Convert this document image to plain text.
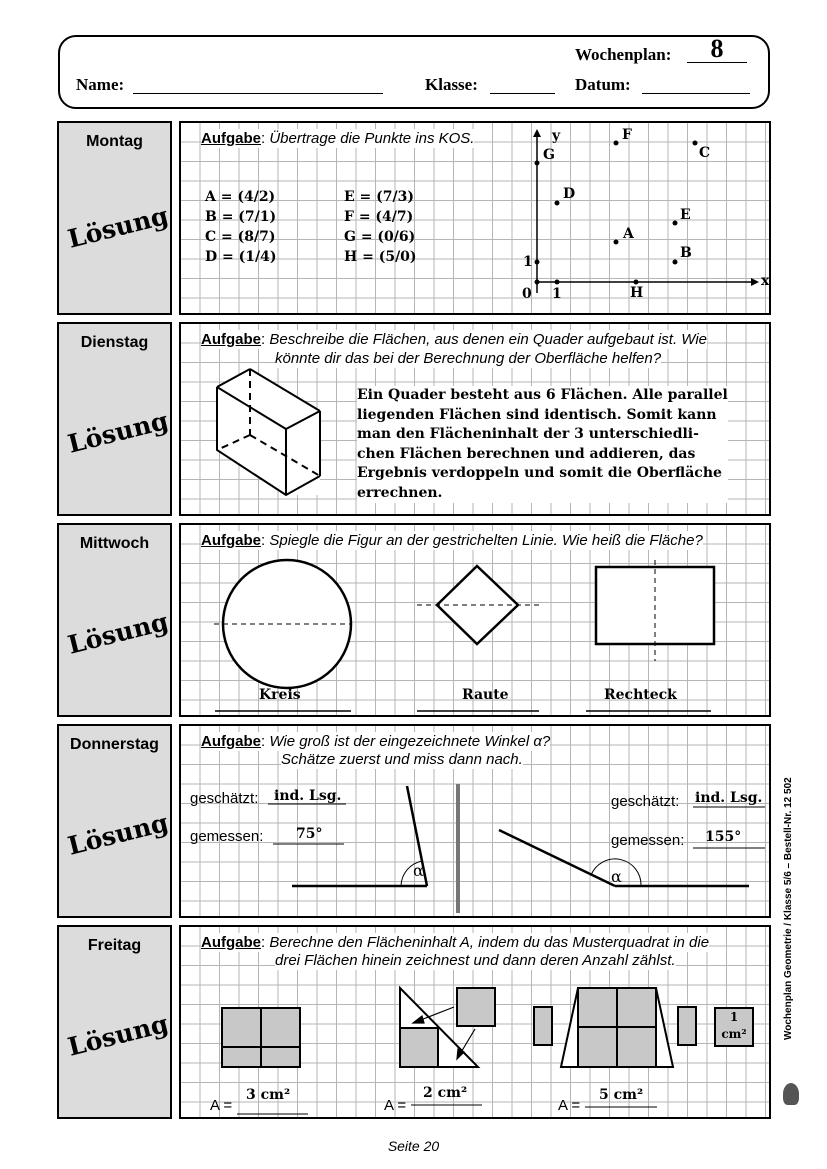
Wochenplan:	8
Name:	Klasse:	Datum:
Montag
Lösung
Aufgabe: Übertrage die Punkte ins KOS.
A = (4/2)
B = (7/1)
C = (8/7)
D = (1/4)
E = (7/3)
F = (4/7)
G = (0/6)
H = (5/0)
y
x
0 1
1
A
B
C
D
E
F
G
H
Dienstag
Lösung
Aufgabe: Beschreibe die Flächen, aus denen ein Quader aufgebaut ist. Wie
könnte dir das bei der Berechnung der Oberfläche helfen?
Ein Quader besteht aus 6 Flächen. Alle parallel
liegenden Flächen sind identisch. Somit kann
man den Flächeninhalt der 3 unterschiedli-
chen Flächen berechnen und addieren, das
Ergebnis verdoppeln und somit die Oberfläche
errechnen.
Mittwoch
Lösung
Aufgabe: Spiegle die Figur an der gestrichelten Linie. Wie heiß die Fläche?
Kreis	Raute	Rechteck
Donnerstag
Lösung
Aufgabe: Wie groß ist der eingezeichnete Winkel α?
Schätze zuerst und miss dann nach.
geschätzt: ind. Lsg.
gemessen: 75°
geschätzt: ind. Lsg.
gemessen: 155°
α	α
Freitag
Lösung
Aufgabe: Berechne den Flächeninhalt A, indem du das Musterquadrat in die
drei Flächen hinein zeichnest und dann deren Anzahl zählst.
A =
3 cm²
A =
2 cm²
A =
5 cm²
1
cm²	Wochenplan Geometrie / Klasse 5/6 – Bestell-Nr. 12 502
Seite 20
